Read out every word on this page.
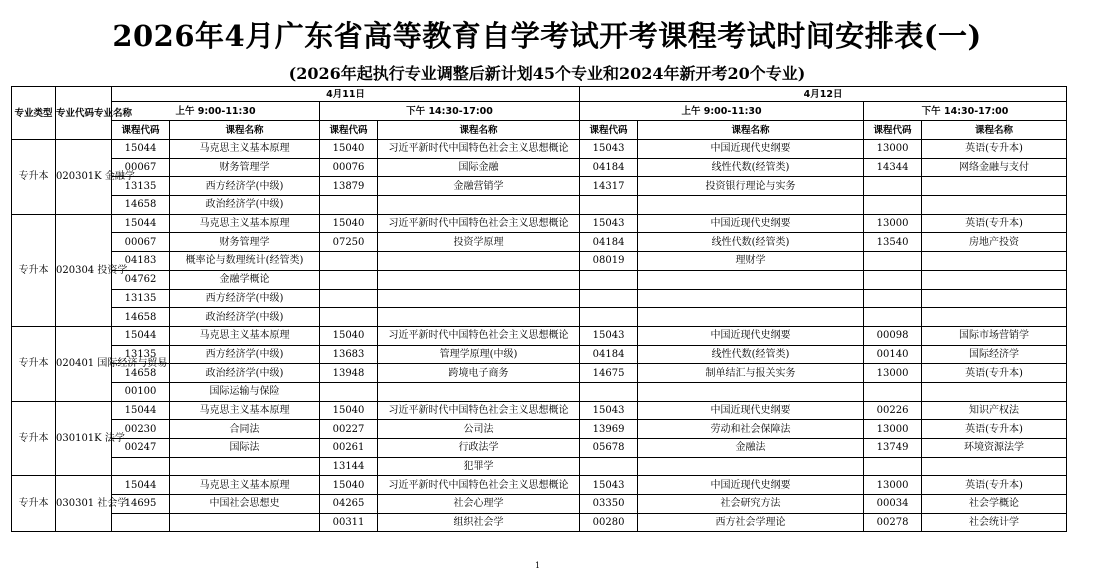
2026年4月广东省高等教育自学考试开考课程考试时间安排表(一)
(2026年起执行专业调整后新计划45个专业和2024年新开考20个专业)
专业类型	专业代码专业名称	4月11日				4月12日			
		上午 9:00-11:30		下午 14:30-17:00		上午 9:00-11:30		下午 14:30-17:00	
		课程代码	课程名称	课程代码	课程名称	课程代码	课程名称	课程代码	课程名称
专升本	020301K 金融学	15044	马克思主义基本原理	15040	习近平新时代中国特色社会主义思想概论	15043	中国近现代史纲要	13000	英语(专升本)
		00067	财务管理学	00076	国际金融	04184	线性代数(经管类)	14344	网络金融与支付
		13135	西方经济学(中级)	13879	金融营销学	14317	投资银行理论与实务		
		14658	政治经济学(中级)						
专升本	020304 投资学	15044	马克思主义基本原理	15040	习近平新时代中国特色社会主义思想概论	15043	中国近现代史纲要	13000	英语(专升本)
		00067	财务管理学	07250	投资学原理	04184	线性代数(经管类)	13540	房地产投资
		04183	概率论与数理统计(经管类)			08019	理财学		
		04762	金融学概论						
		13135	西方经济学(中级)						
		14658	政治经济学(中级)						
专升本	020401 国际经济与贸易	15044	马克思主义基本原理	15040	习近平新时代中国特色社会主义思想概论	15043	中国近现代史纲要	00098	国际市场营销学
		13135	西方经济学(中级)	13683	管理学原理(中级)	04184	线性代数(经管类)	00140	国际经济学
		14658	政治经济学(中级)	13948	跨境电子商务	14675	制单结汇与报关实务	13000	英语(专升本)
		00100	国际运输与保险						
专升本	030101K 法学	15044	马克思主义基本原理	15040	习近平新时代中国特色社会主义思想概论	15043	中国近现代史纲要	00226	知识产权法
		00230	合同法	00227	公司法	13969	劳动和社会保障法	13000	英语(专升本)
		00247	国际法	00261	行政法学	05678	金融法	13749	环境资源法学
				13144	犯罪学				
专升本	030301 社会学	15044	马克思主义基本原理	15040	习近平新时代中国特色社会主义思想概论	15043	中国近现代史纲要	13000	英语(专升本)
		14695	中国社会思想史	04265	社会心理学	03350	社会研究方法	00034	社会学概论
				00311	组织社会学	00280	西方社会学理论	00278	社会统计学
1
